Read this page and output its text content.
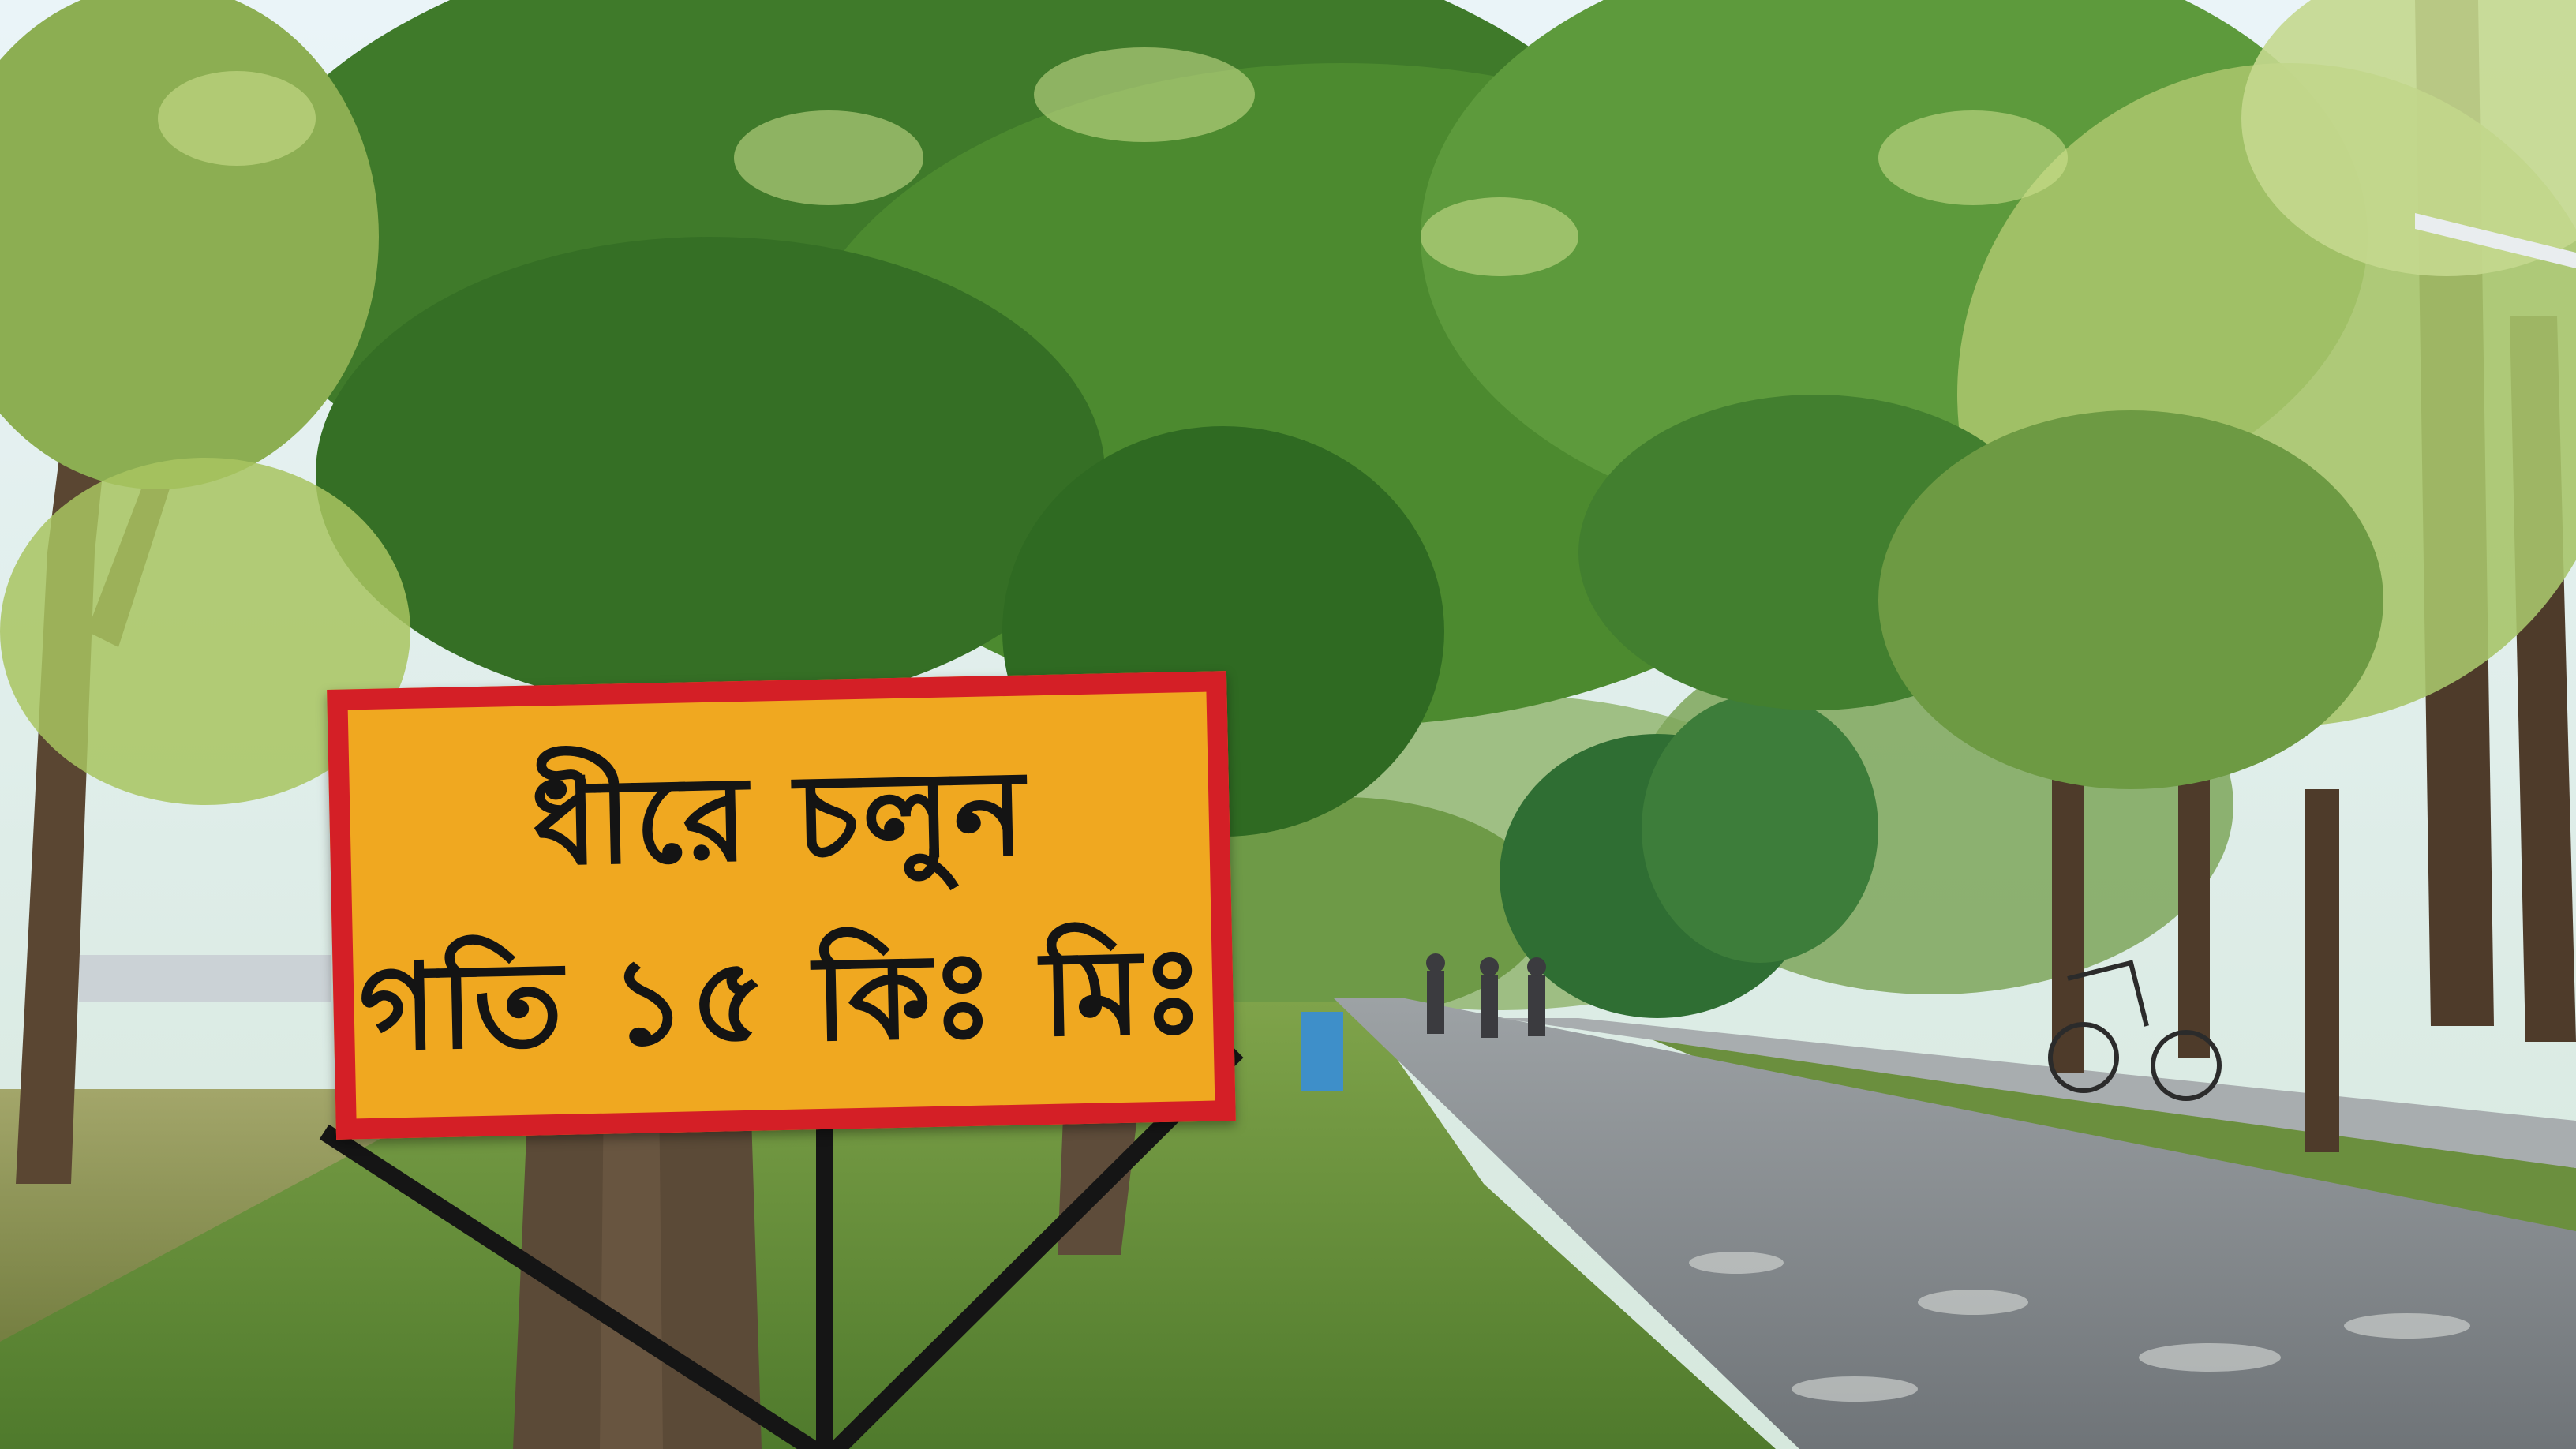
ধীরে চলুন
গতি ১৫ কিঃ মিঃ
